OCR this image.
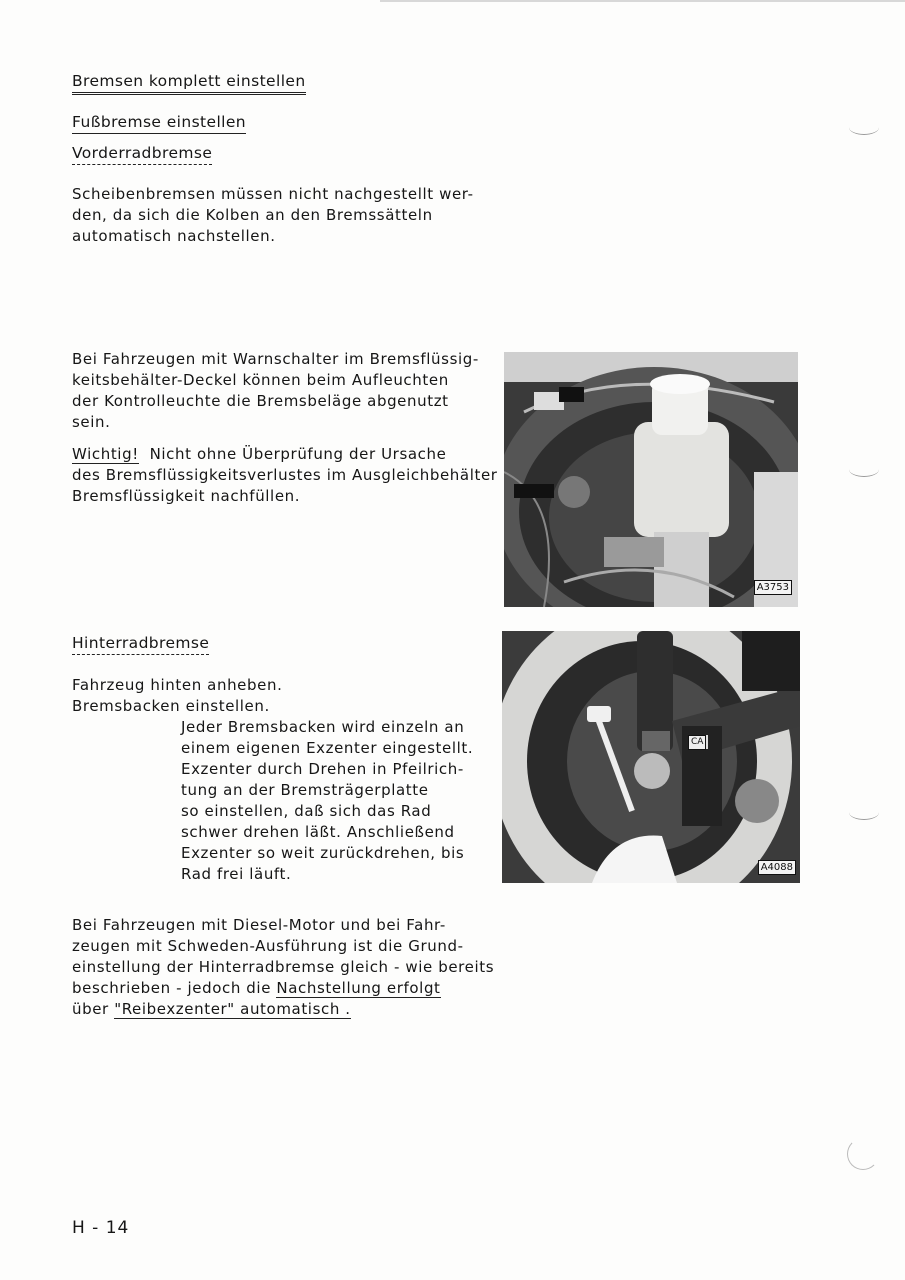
Bremsen komplett einstellen
Fußbremse einstellen
Vorderradbremse
Scheibenbremsen müssen nicht nachgestellt wer-
den, da sich die Kolben an den Bremssätteln
automatisch nachstellen.
Bei Fahrzeugen mit Warnschalter im Bremsflüssig-
keitsbehälter-Deckel können beim Aufleuchten
der Kontrolleuchte die Bremsbeläge abgenutzt
sein.
Wichtig! Nicht ohne Überprüfung der Ursache
des Bremsflüssigkeitsverlustes im Ausgleichbehälter
Bremsflüssigkeit nachfüllen.
A3753
Hinterradbremse
Fahrzeug hinten anheben.
Bremsbacken einstellen.
Jeder Bremsbacken wird einzeln an
einem eigenen Exzenter eingestellt.
Exzenter durch Drehen in Pfeilrich-
tung an der Bremsträgerplatte
so einstellen, daß sich das Rad
schwer drehen läßt. Anschließend
Exzenter so weit zurückdrehen, bis
Rad frei läuft.
CA
A4088
Bei Fahrzeugen mit Diesel-Motor und bei Fahr-
zeugen mit Schweden-Ausführung ist die Grund-
einstellung der Hinterradbremse gleich - wie bereits
beschrieben - jedoch die Nachstellung erfolgt
über "Reibexzenter" automatisch .
H - 14
